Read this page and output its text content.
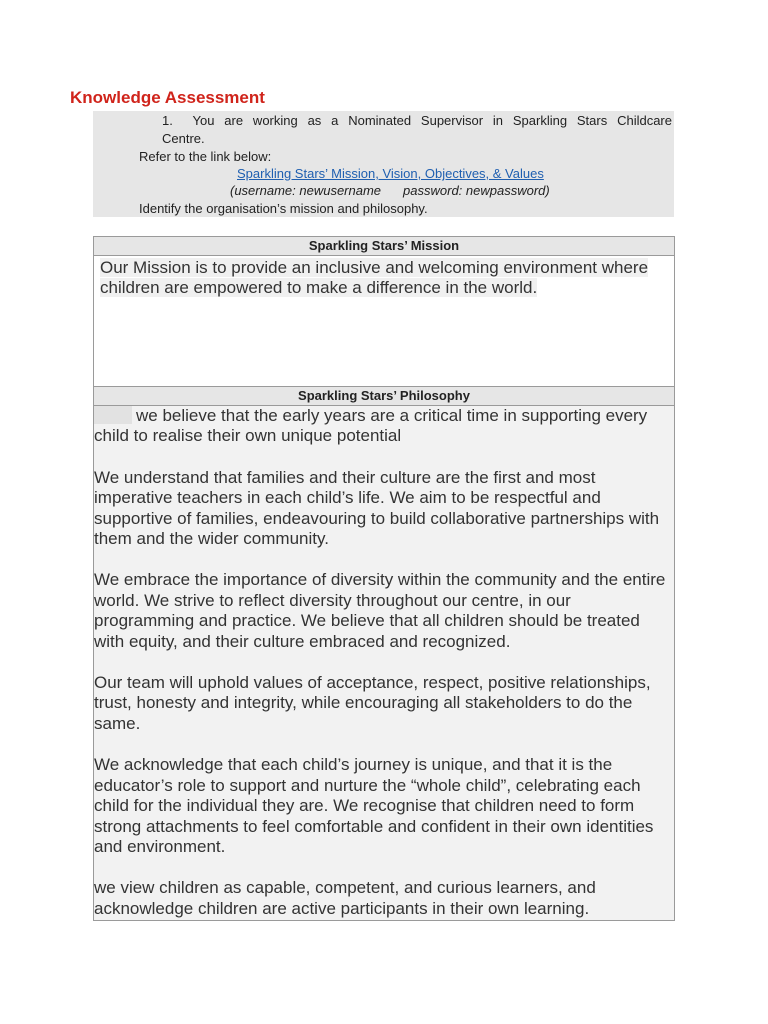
Knowledge Assessment
1. You are working as a Nominated Supervisor in Sparkling Stars Childcare
Centre.
Refer to the link below:
Sparkling Stars’ Mission, Vision, Objectives, & Values
(username: newusername password: newpassword)
Identify the organisation’s mission and philosophy.
Sparkling Stars’ Mission

Our Mission is to provide an inclusive and welcoming environment where children are empowered to make a difference in the world.

Sparkling Stars’ Philosophy

we believe that the early years are a critical time in supporting every child to realise their own unique potential

We understand that families and their culture are the first and most imperative teachers in each child’s life. We aim to be respectful and supportive of families, endeavouring to build collaborative partnerships with them and the wider community.

We embrace the importance of diversity within the community and the entire world. We strive to reflect diversity throughout our centre, in our programming and practice. We believe that all children should be treated with equity, and their culture embraced and recognized.

Our team will uphold values of acceptance, respect, positive relationships, trust, honesty and integrity, while encouraging all stakeholders to do the same.

We acknowledge that each child’s journey is unique, and that it is the educator’s role to support and nurture the “whole child”, celebrating each child for the individual they are. We recognise that children need to form strong attachments to feel comfortable and confident in their own identities and environment.

we view children as capable, competent, and curious learners, and acknowledge children are active participants in their own learning.
